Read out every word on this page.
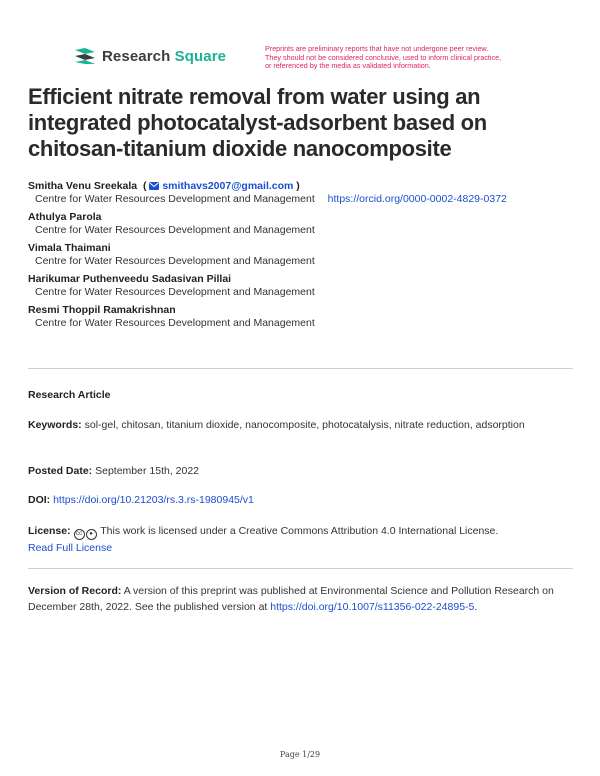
Research Square	Preprints are preliminary reports that have not undergone peer review.
They should not be considered conclusive, used to inform clinical practice,
or referenced by the media as validated information.
Efficient nitrate removal from water using an integrated photocatalyst-adsorbent based on chitosan-titanium dioxide nanocomposite
Smitha Venu Sreekala  (  smithavs2007@gmail.com )
Centre for Water Resources Development and Management https://orcid.org/0000-0002-4829-0372
Athulya Parola
Centre for Water Resources Development and Management
Vimala Thaimani
Centre for Water Resources Development and Management
Harikumar Puthenveedu Sadasivan Pillai
Centre for Water Resources Development and Management
Resmi Thoppil Ramakrishnan
Centre for Water Resources Development and Management
Research Article
Keywords: sol-gel, chitosan, titanium dioxide, nanocomposite, photocatalysis, nitrate reduction, adsorption
Posted Date: September 15th, 2022
DOI: https://doi.org/10.21203/rs.3.rs-1980945/v1
License: cc ● This work is licensed under a Creative Commons Attribution 4.0 International License.
Read Full License
Version of Record: A version of this preprint was published at Environmental Science and Pollution Research on December 28th, 2022. See the published version at https://doi.org/10.1007/s11356-022-24895-5.
Page 1/29
